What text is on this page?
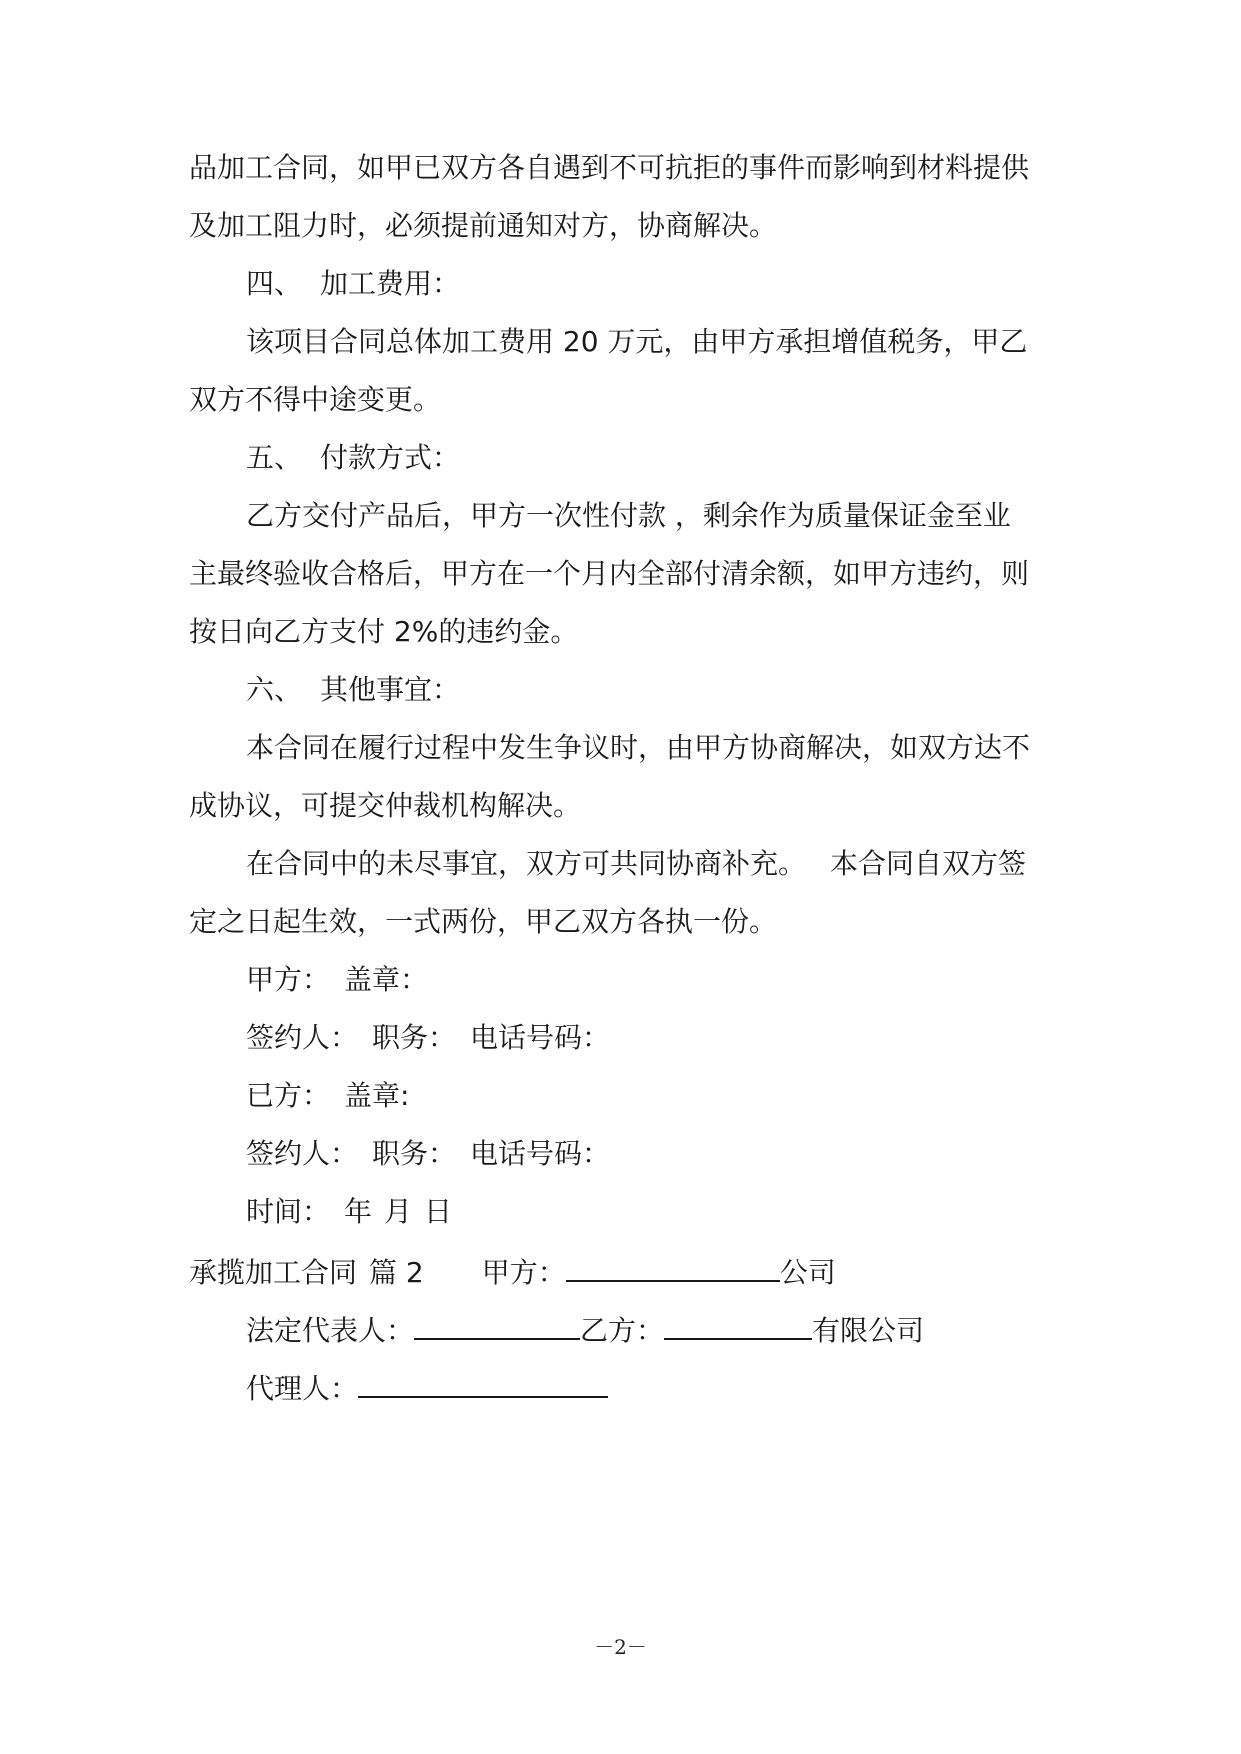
品加工合同，如甲已双方各自遇到不可抗拒的事件而影响到材料提供
及加工阻力时，必须提前通知对方，协商解决。
四、 加工费用：
该项目合同总体加工费用 20 万元，由甲方承担增值税务，甲乙
双方不得中途变更。
五、 付款方式：
乙方交付产品后，甲方一次性付款 ，剩余作为质量保证金至业
主最终验收合格后，甲方在一个月内全部付清余额，如甲方违约，则
按日向乙方支付 2%的违约金。
六、 其他事宜：
本合同在履行过程中发生争议时，由甲方协商解决，如双方达不
成协议，可提交仲裁机构解决。
在合同中的未尽事宜，双方可共同协商补充。 本合同自双方签
定之日起生效，一式两份，甲乙双方各执一份。
甲方： 盖章：
签约人： 职务： 电话号码：
已方： 盖章:
签约人： 职务： 电话号码：
时间： 年 月 日
承揽加工合同 篇 2 甲方：	公司
法定代表人：	乙方：	有限公司
代理人：
－2－
